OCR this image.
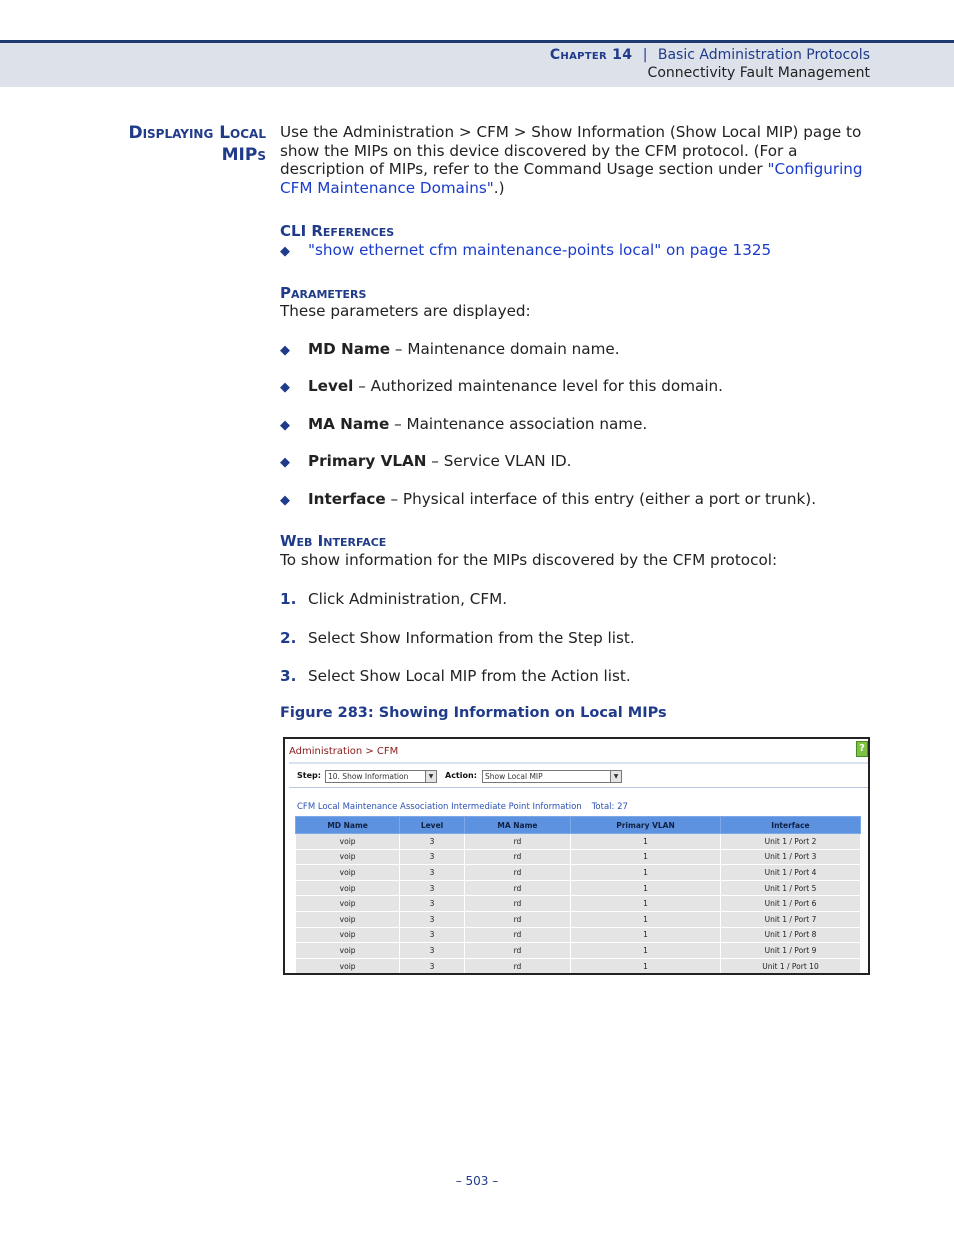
Chapter 14 | Basic Administration Protocols
Connectivity Fault Management
Displaying Local
MIPs
Use the Administration > CFM > Show Information (Show Local MIP) page to show the MIPs on this device discovered by the CFM protocol. (For a description of MIPs, refer to the Command Usage section under "Configuring CFM Maintenance Domains".)
CLI References
◆ "show ethernet cfm maintenance-points local" on page 1325
Parameters
These parameters are displayed:
◆ MD Name – Maintenance domain name.
◆ Level – Authorized maintenance level for this domain.
◆ MA Name – Maintenance association name.
◆ Primary VLAN – Service VLAN ID.
◆ Interface – Physical interface of this entry (either a port or trunk).
Web Interface
To show information for the MIPs discovered by the CFM protocol:
1. Click Administration, CFM.
2. Select Show Information from the Step list.
3. Select Show Local MIP from the Action list.
Figure 283: Showing Information on Local MIPs
Administration > CFM	?
Step: 10. Show Information	▼	Action:	Show Local MIP	▼
CFM Local Maintenance Association Intermediate Point Information Total: 27
MD Name	Level	MA Name	Primary VLAN	Interface
voip	3	rd	1	Unit 1 / Port 2
voip	3	rd	1	Unit 1 / Port 3
voip	3	rd	1	Unit 1 / Port 4
voip	3	rd	1	Unit 1 / Port 5
voip	3	rd	1	Unit 1 / Port 6
voip	3	rd	1	Unit 1 / Port 7
voip	3	rd	1	Unit 1 / Port 8
voip	3	rd	1	Unit 1 / Port 9
voip	3	rd	1	Unit 1 / Port 10
– 503 –
